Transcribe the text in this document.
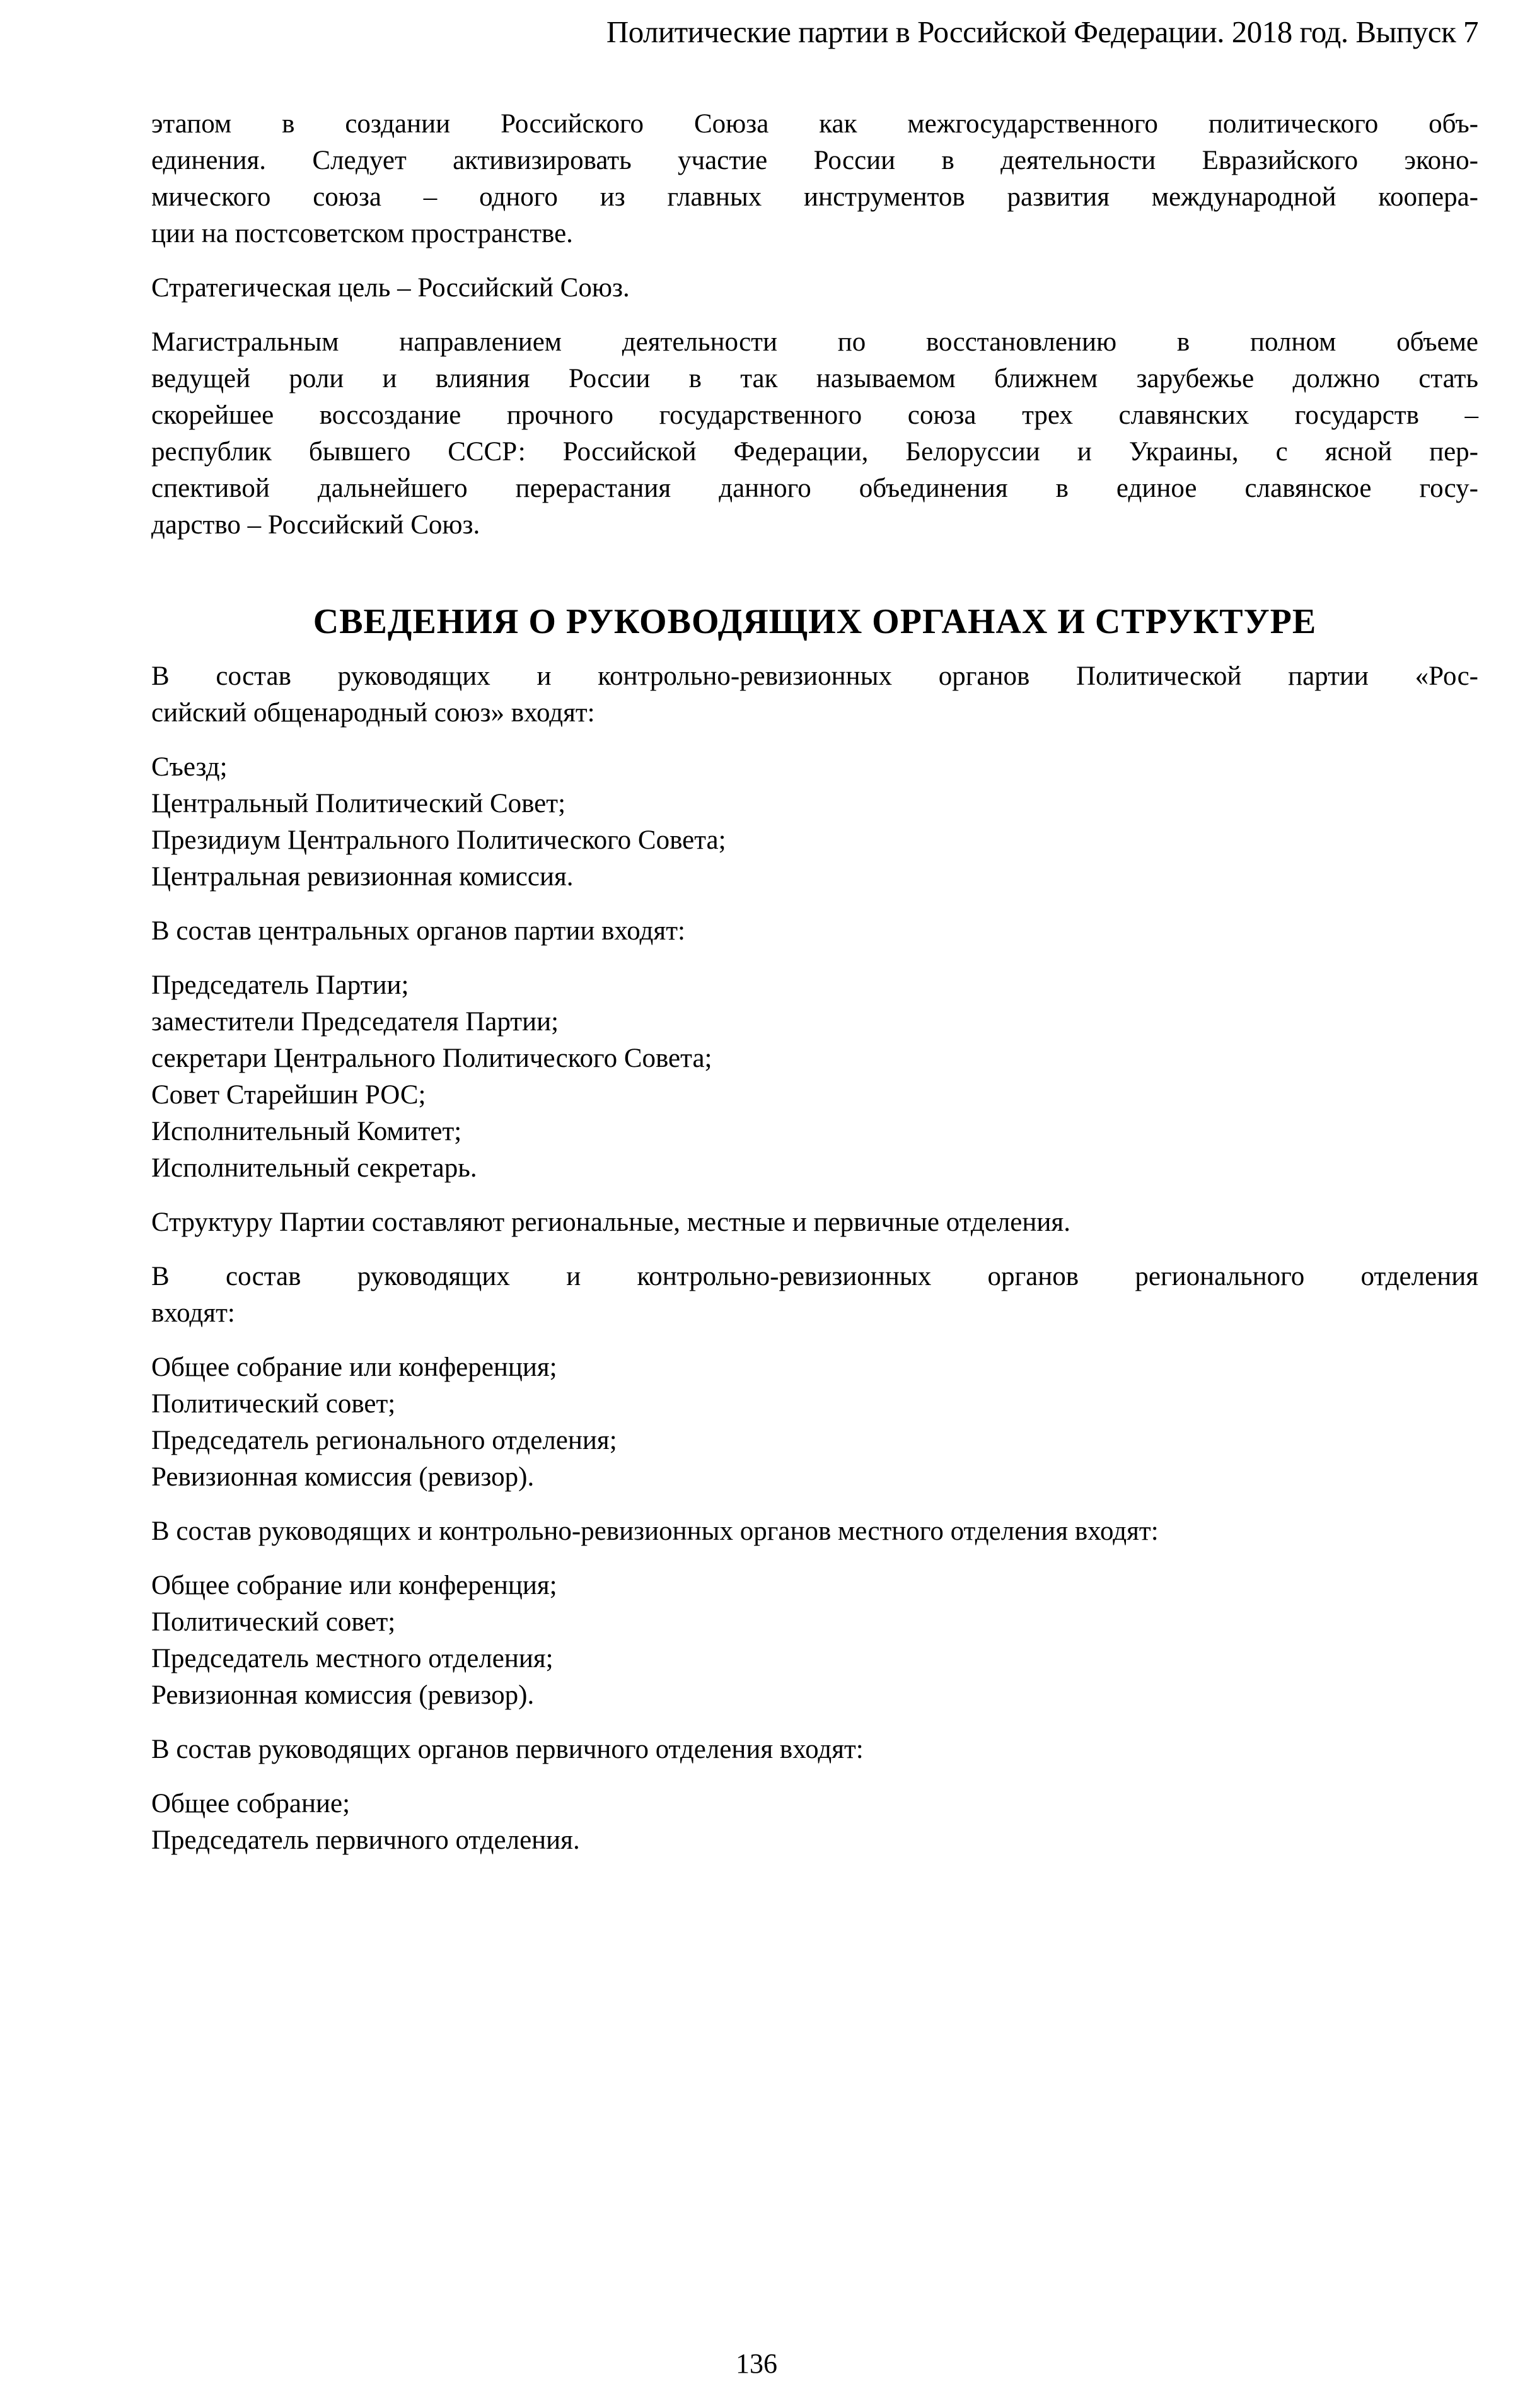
Политические партии в Российской Федерации. 2018 год. Выпуск 7
этапом в создании Российского Союза как межгосударственного политического объ-
единения. Следует активизировать участие России в деятельности Евразийского эконо-
мического союза – одного из главных инструментов развития международной коопера-
ции на постсоветском пространстве.
Стратегическая цель – Российский Союз.
Магистральным направлением деятельности по восстановлению в полном объеме
ведущей роли и влияния России в так называемом ближнем зарубежье должно стать
скорейшее воссоздание прочного государственного союза трех славянских государств –
республик бывшего СССР: Российской Федерации, Белоруссии и Украины, с ясной пер-
спективой дальнейшего перерастания данного объединения в единое славянское госу-
дарство – Российский Союз.
СВЕДЕНИЯ О РУКОВОДЯЩИХ ОРГАНАХ И СТРУКТУРЕ
В состав руководящих и контрольно-ревизионных органов Политической партии «Рос-
сийский общенародный союз» входят:
Съезд;
Центральный Политический Совет;
Президиум Центрального Политического Совета;
Центральная ревизионная комиссия.
В состав центральных органов партии входят:
Председатель Партии;
заместители Председателя Партии;
секретари Центрального Политического Совета;
Совет Старейшин РОС;
Исполнительный Комитет;
Исполнительный секретарь.
Структуру Партии составляют региональные, местные и первичные отделения.
В состав руководящих и контрольно-ревизионных органов регионального отделения
входят:
Общее собрание или конференция;
Политический совет;
Председатель регионального отделения;
Ревизионная комиссия (ревизор).
В состав руководящих и контрольно-ревизионных органов местного отделения входят:
Общее собрание или конференция;
Политический совет;
Председатель местного отделения;
Ревизионная комиссия (ревизор).
В состав руководящих органов первичного отделения входят:
Общее собрание;
Председатель первичного отделения.
136
